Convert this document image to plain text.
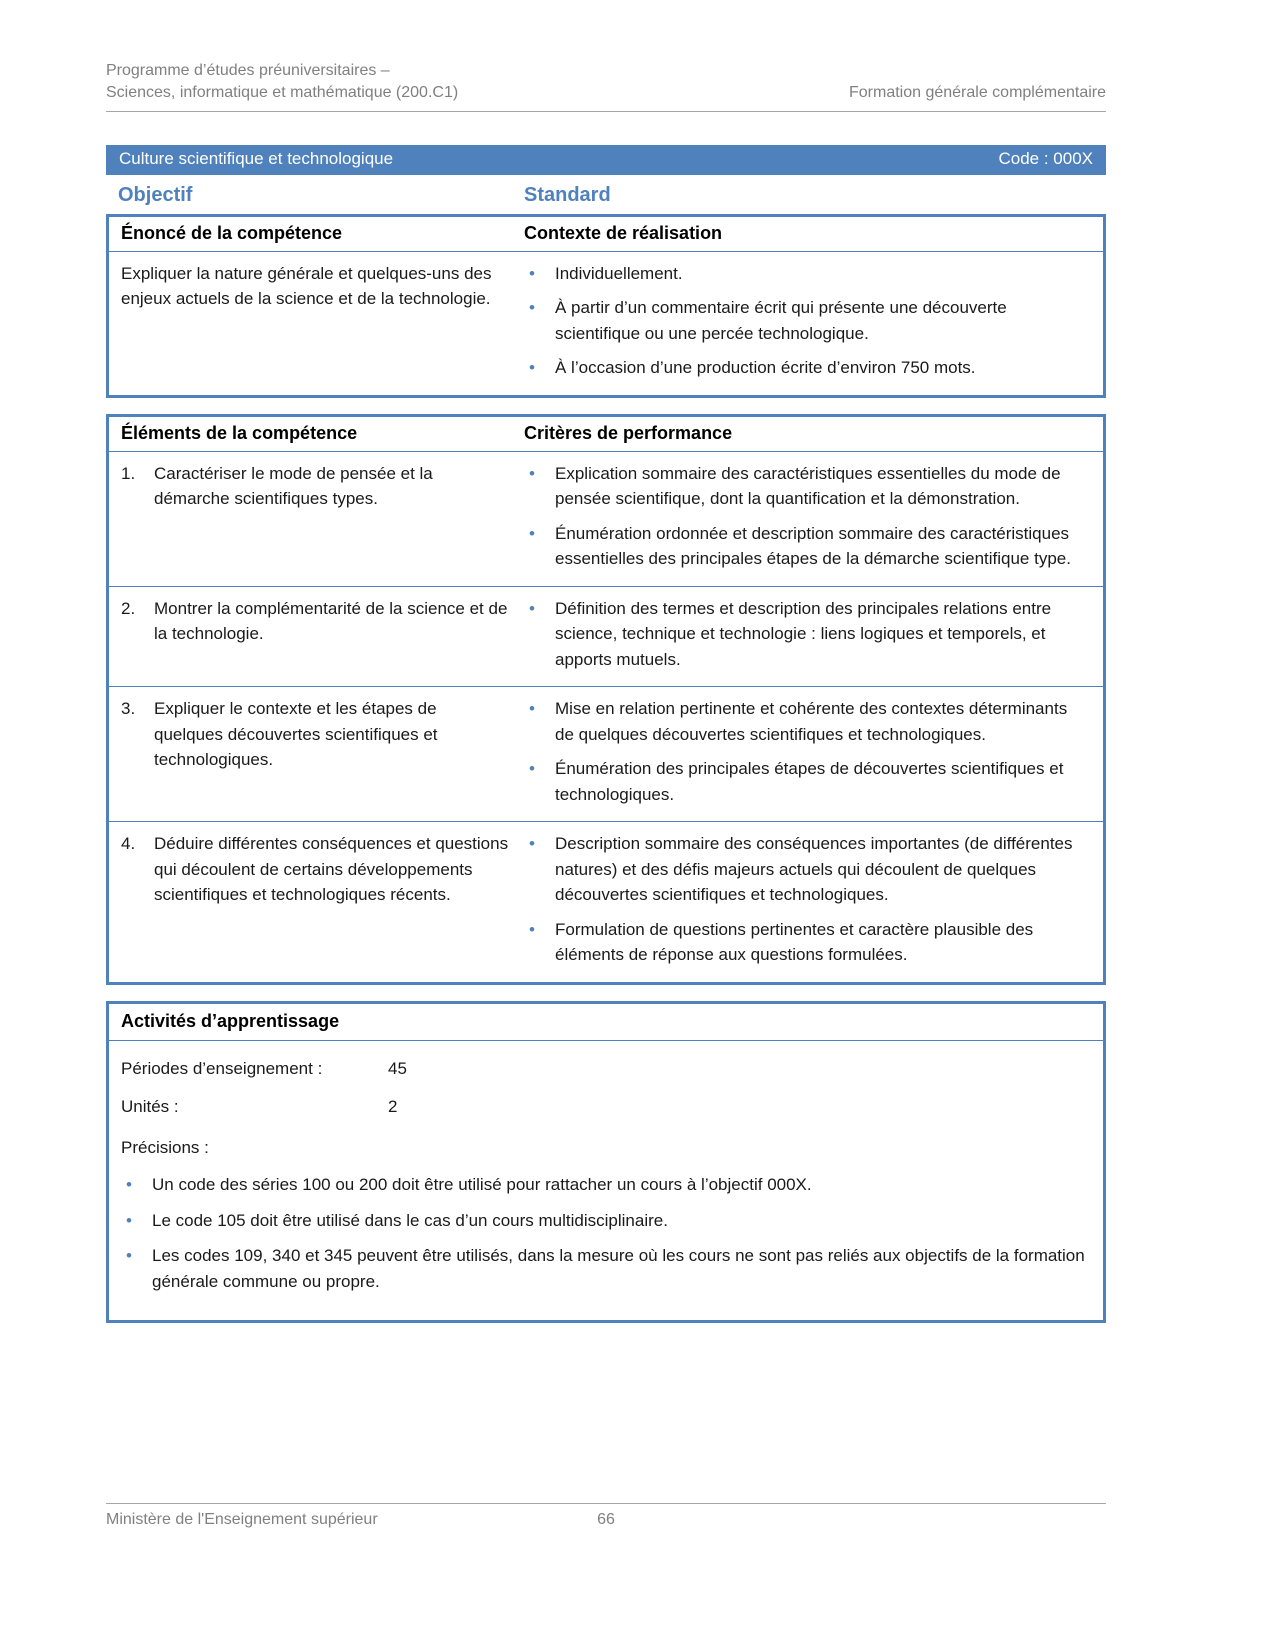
Programme d’études préuniversitaires –
Sciences, informatique et mathématique (200.C1)	Formation générale complémentaire
Culture scientifique et technologique	Code : 000X
Objectif	Standard
Énoncé de la compétence	Contexte de réalisation
Expliquer la nature générale et quelques-uns des enjeux actuels de la science et de la technologie.
•	Individuellement.
•	À partir d’un commentaire écrit qui présente une découverte scientifique ou une percée technologique.
•	À l’occasion d’une production écrite d’environ 750 mots.
Éléments de la compétence	Critères de performance
1.	Caractériser le mode de pensée et la démarche scientifiques types.
•	Explication sommaire des caractéristiques essentielles du mode de pensée scientifique, dont la quantification et la démonstration.
•	Énumération ordonnée et description sommaire des caractéristiques essentielles des principales étapes de la démarche scientifique type.
2.	Montrer la complémentarité de la science et de la technologie.
•	Définition des termes et description des principales relations entre science, technique et technologie : liens logiques et temporels, et apports mutuels.
3.	Expliquer le contexte et les étapes de quelques découvertes scientifiques et technologiques.
•	Mise en relation pertinente et cohérente des contextes déterminants de quelques découvertes scientifiques et technologiques.
•	Énumération des principales étapes de découvertes scientifiques et technologiques.
4.	Déduire différentes conséquences et questions qui découlent de certains développements scientifiques et technologiques récents.
•	Description sommaire des conséquences importantes (de différentes natures) et des défis majeurs actuels qui découlent de quelques découvertes scientifiques et technologiques.
•	Formulation de questions pertinentes et caractère plausible des éléments de réponse aux questions formulées.
Activités d’apprentissage
Périodes d’enseignement :	45
Unités :	2
Précisions :
•	Un code des séries 100 ou 200 doit être utilisé pour rattacher un cours à l’objectif 000X.
•	Le code 105 doit être utilisé dans le cas d’un cours multidisciplinaire.
•	Les codes 109, 340 et 345 peuvent être utilisés, dans la mesure où les cours ne sont pas reliés aux objectifs de la formation générale commune ou propre.
Ministère de l'Enseignement supérieur	66
